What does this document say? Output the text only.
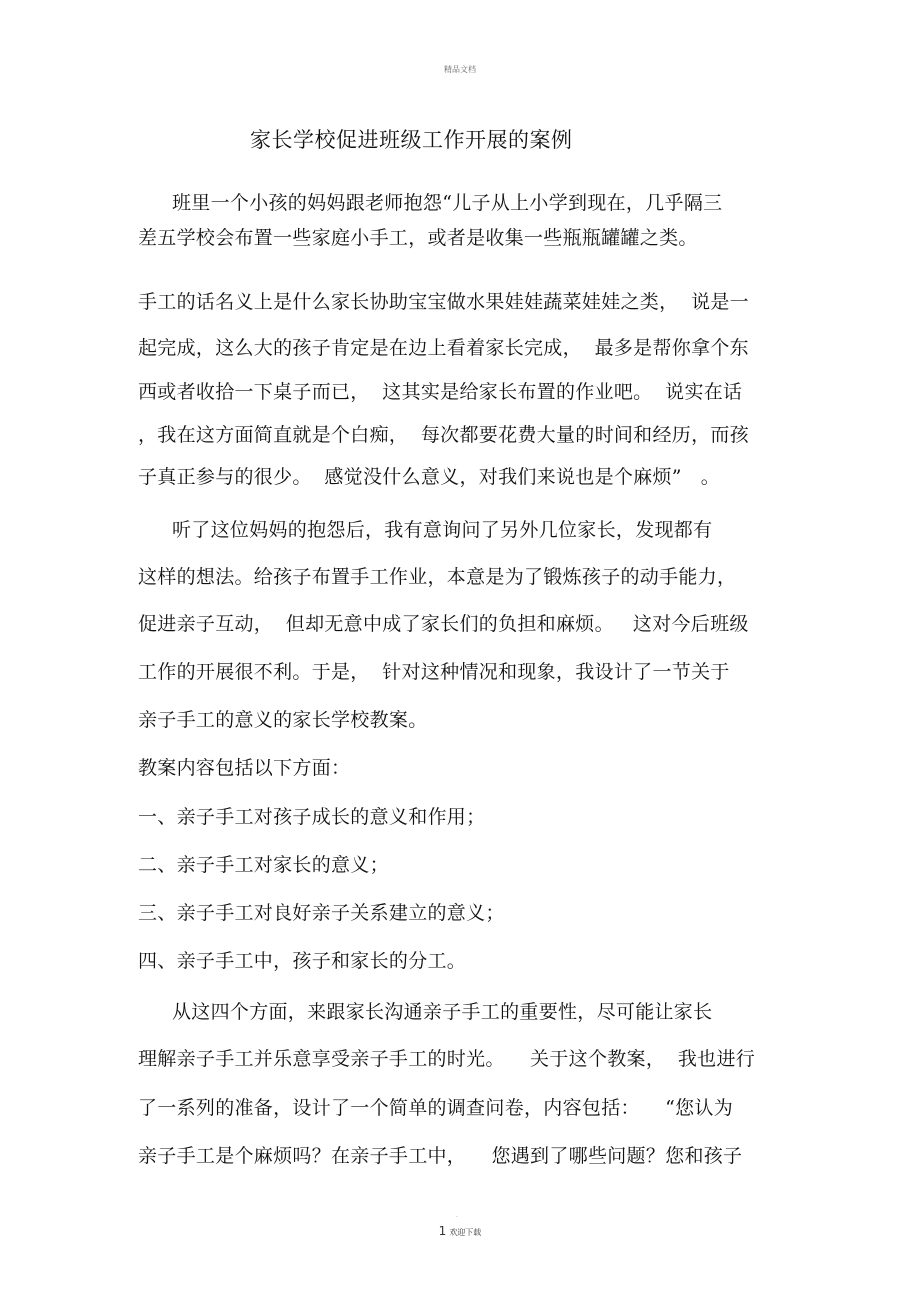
精品文档
家长学校促进班级工作开展的案例
班里一个小孩的妈妈跟老师抱怨“儿子从上小学到现在，几乎隔三
差五学校会布置一些家庭小手工，或者是收集一些瓶瓶罐罐之类。
手工的话名义上是什么家长协助宝宝做水果娃娃蔬菜娃娃之类，  说是一
起完成，这么大的孩子肯定是在边上看着家长完成，  最多是帮你拿个东
西或者收拾一下桌子而已，  这其实是给家长布置的作业吧。  说实在话
，我在这方面简直就是个白痴，  每次都要花费大量的时间和经历，而孩
子真正参与的很少。  感觉没什么意义，对我们来说也是个麻烦”   。
听了这位妈妈的抱怨后，我有意询问了另外几位家长，发现都有
这样的想法。给孩子布置手工作业，本意是为了锻炼孩子的动手能力，
促进亲子互动，  但却无意中成了家长们的负担和麻烦。   这对今后班级
工作的开展很不利。于是，  针对这种情况和现象，我设计了一节关于
亲子手工的意义的家长学校教案。
教案内容包括以下方面：
一、亲子手工对孩子成长的意义和作用；
二、亲子手工对家长的意义；
三、亲子手工对良好亲子关系建立的意义；
四、亲子手工中，孩子和家长的分工。
从这四个方面，来跟家长沟通亲子手工的重要性，尽可能让家长
理解亲子手工并乐意享受亲子手工的时光。    关于这个教案，  我也进行
了一系列的准备，设计了一个简单的调查问卷，内容包括：    “您认为
亲子手工是个麻烦吗？在亲子手工中，    您遇到了哪些问题？您和孩子
.
1 欢迎下载
